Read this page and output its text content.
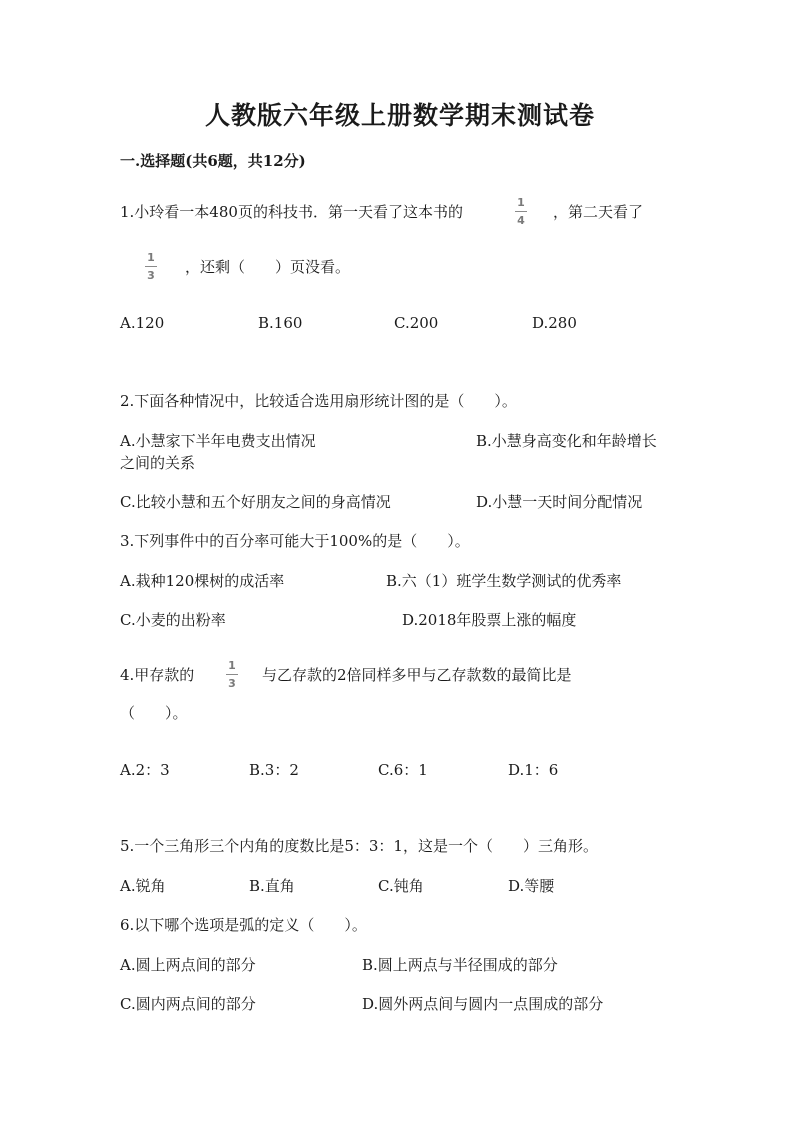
人教版六年级上册数学期末测试卷
一.选择题(共6题，共12分)
1.小玲看一本480页的科技书．第一天看了这本书的
1
4 ，第二天看了
1
3 ，还剩（　　）页没看。
A.120	B.160	C.200	D.280
2.下面各种情况中，比较适合选用扇形统计图的是（　　）。
A.小慧家下半年电费支出情况	B.小慧身高变化和年龄增长
之间的关系
C.比较小慧和五个好朋友之间的身高情况	D.小慧一天时间分配情况
3.下列事件中的百分率可能大于100%的是（　　）。
A.栽种120棵树的成活率	B.六（1）班学生数学测试的优秀率
C.小麦的出粉率	D.2018年股票上涨的幅度
4.甲存款的
1
3 与乙存款的2倍同样多甲与乙存款数的最简比是
（　　）。
A.2：3	B.3：2	C.6：1	D.1：6
5.一个三角形三个内角的度数比是5：3：1，这是一个（　　）三角形。
A.锐角	B.直角	C.钝角	D.等腰
6.以下哪个选项是弧的定义（　　）。
A.圆上两点间的部分	B.圆上两点与半径围成的部分
C.圆内两点间的部分	D.圆外两点间与圆内一点围成的部分
